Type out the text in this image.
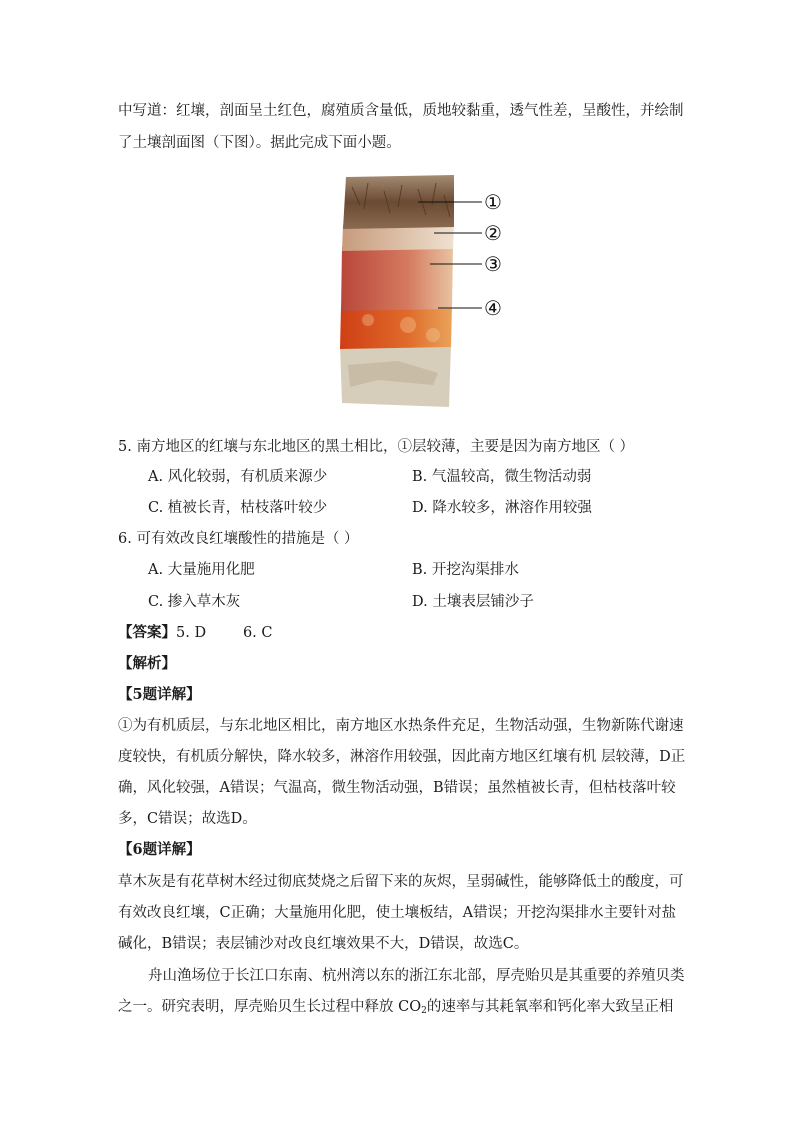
中写道：红壤，剖面呈土红色，腐殖质含量低，质地较黏重，透气性差，呈酸性，并绘制
了土壤剖面图（下图）。据此完成下面小题。
①
②
③
④
5. 南方地区的红壤与东北地区的黑土相比，①层较薄，主要是因为南方地区（ ）
A. 风化较弱，有机质来源少	B. 气温较高，微生物活动弱
C. 植被长青，枯枝落叶较少	D. 降水较多，淋溶作用较强
6. 可有效改良红壤酸性的措施是（ ）
A. 大量施用化肥	B. 开挖沟渠排水
C. 掺入草木灰	D. 土壤表层铺沙子
【答案】5. D        6. C
【解析】
【5题详解】
①为有机质层，与东北地区相比，南方地区水热条件充足，生物活动强，生物新陈代谢速
度较快，有机质分解快，降水较多，淋溶作用较强，因此南方地区红壤有机 层较薄，D正
确，风化较强，A错误；气温高，微生物活动强，B错误；虽然植被长青，但枯枝落叶较
多，C错误；故选D。
【6题详解】
草木灰是有花草树木经过彻底焚烧之后留下来的灰烬，呈弱碱性，能够降低土的酸度，可
有效改良红壤，C正确；大量施用化肥，使土壤板结，A错误；开挖沟渠排水主要针对盐
碱化，B错误；表层铺沙对改良红壤效果不大，D错误，故选C。
舟山渔场位于长江口东南、杭州湾以东的浙江东北部，厚壳贻贝是其重要的养殖贝类
之一。研究表明，厚壳贻贝生长过程中释放 $CO_2$的速率与其耗氧率和钙化率大致呈正相
